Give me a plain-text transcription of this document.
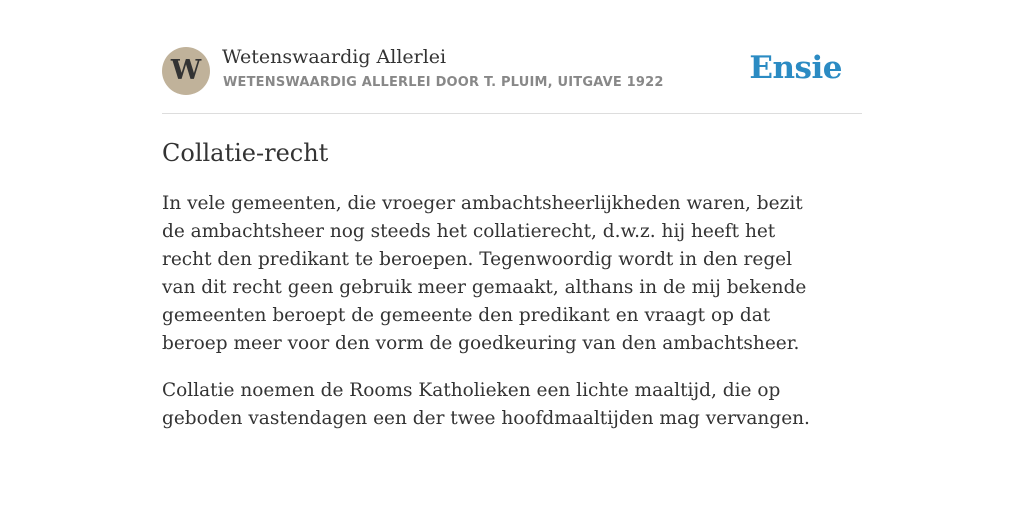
W	Wetenswaardig Allerlei
WETENSWAARDIG ALLERLEI DOOR T. PLUIM, UITGAVE 1922	Ensie
Collatie-recht

In vele gemeenten, die vroeger ambachtsheerlijkheden waren, bezit de ambachtsheer nog steeds het collatierecht, d.w.z. hij heeft het recht den predikant te beroepen. Tegenwoordig wordt in den regel van dit recht geen gebruik meer gemaakt, althans in de mij bekende gemeenten beroept de gemeente den predikant en vraagt op dat beroep meer voor den vorm de goedkeuring van den ambachtsheer.

Collatie noemen de Rooms Katholieken een lichte maaltijd, die op geboden vastendagen een der twee hoofdmaaltijden mag vervangen.
